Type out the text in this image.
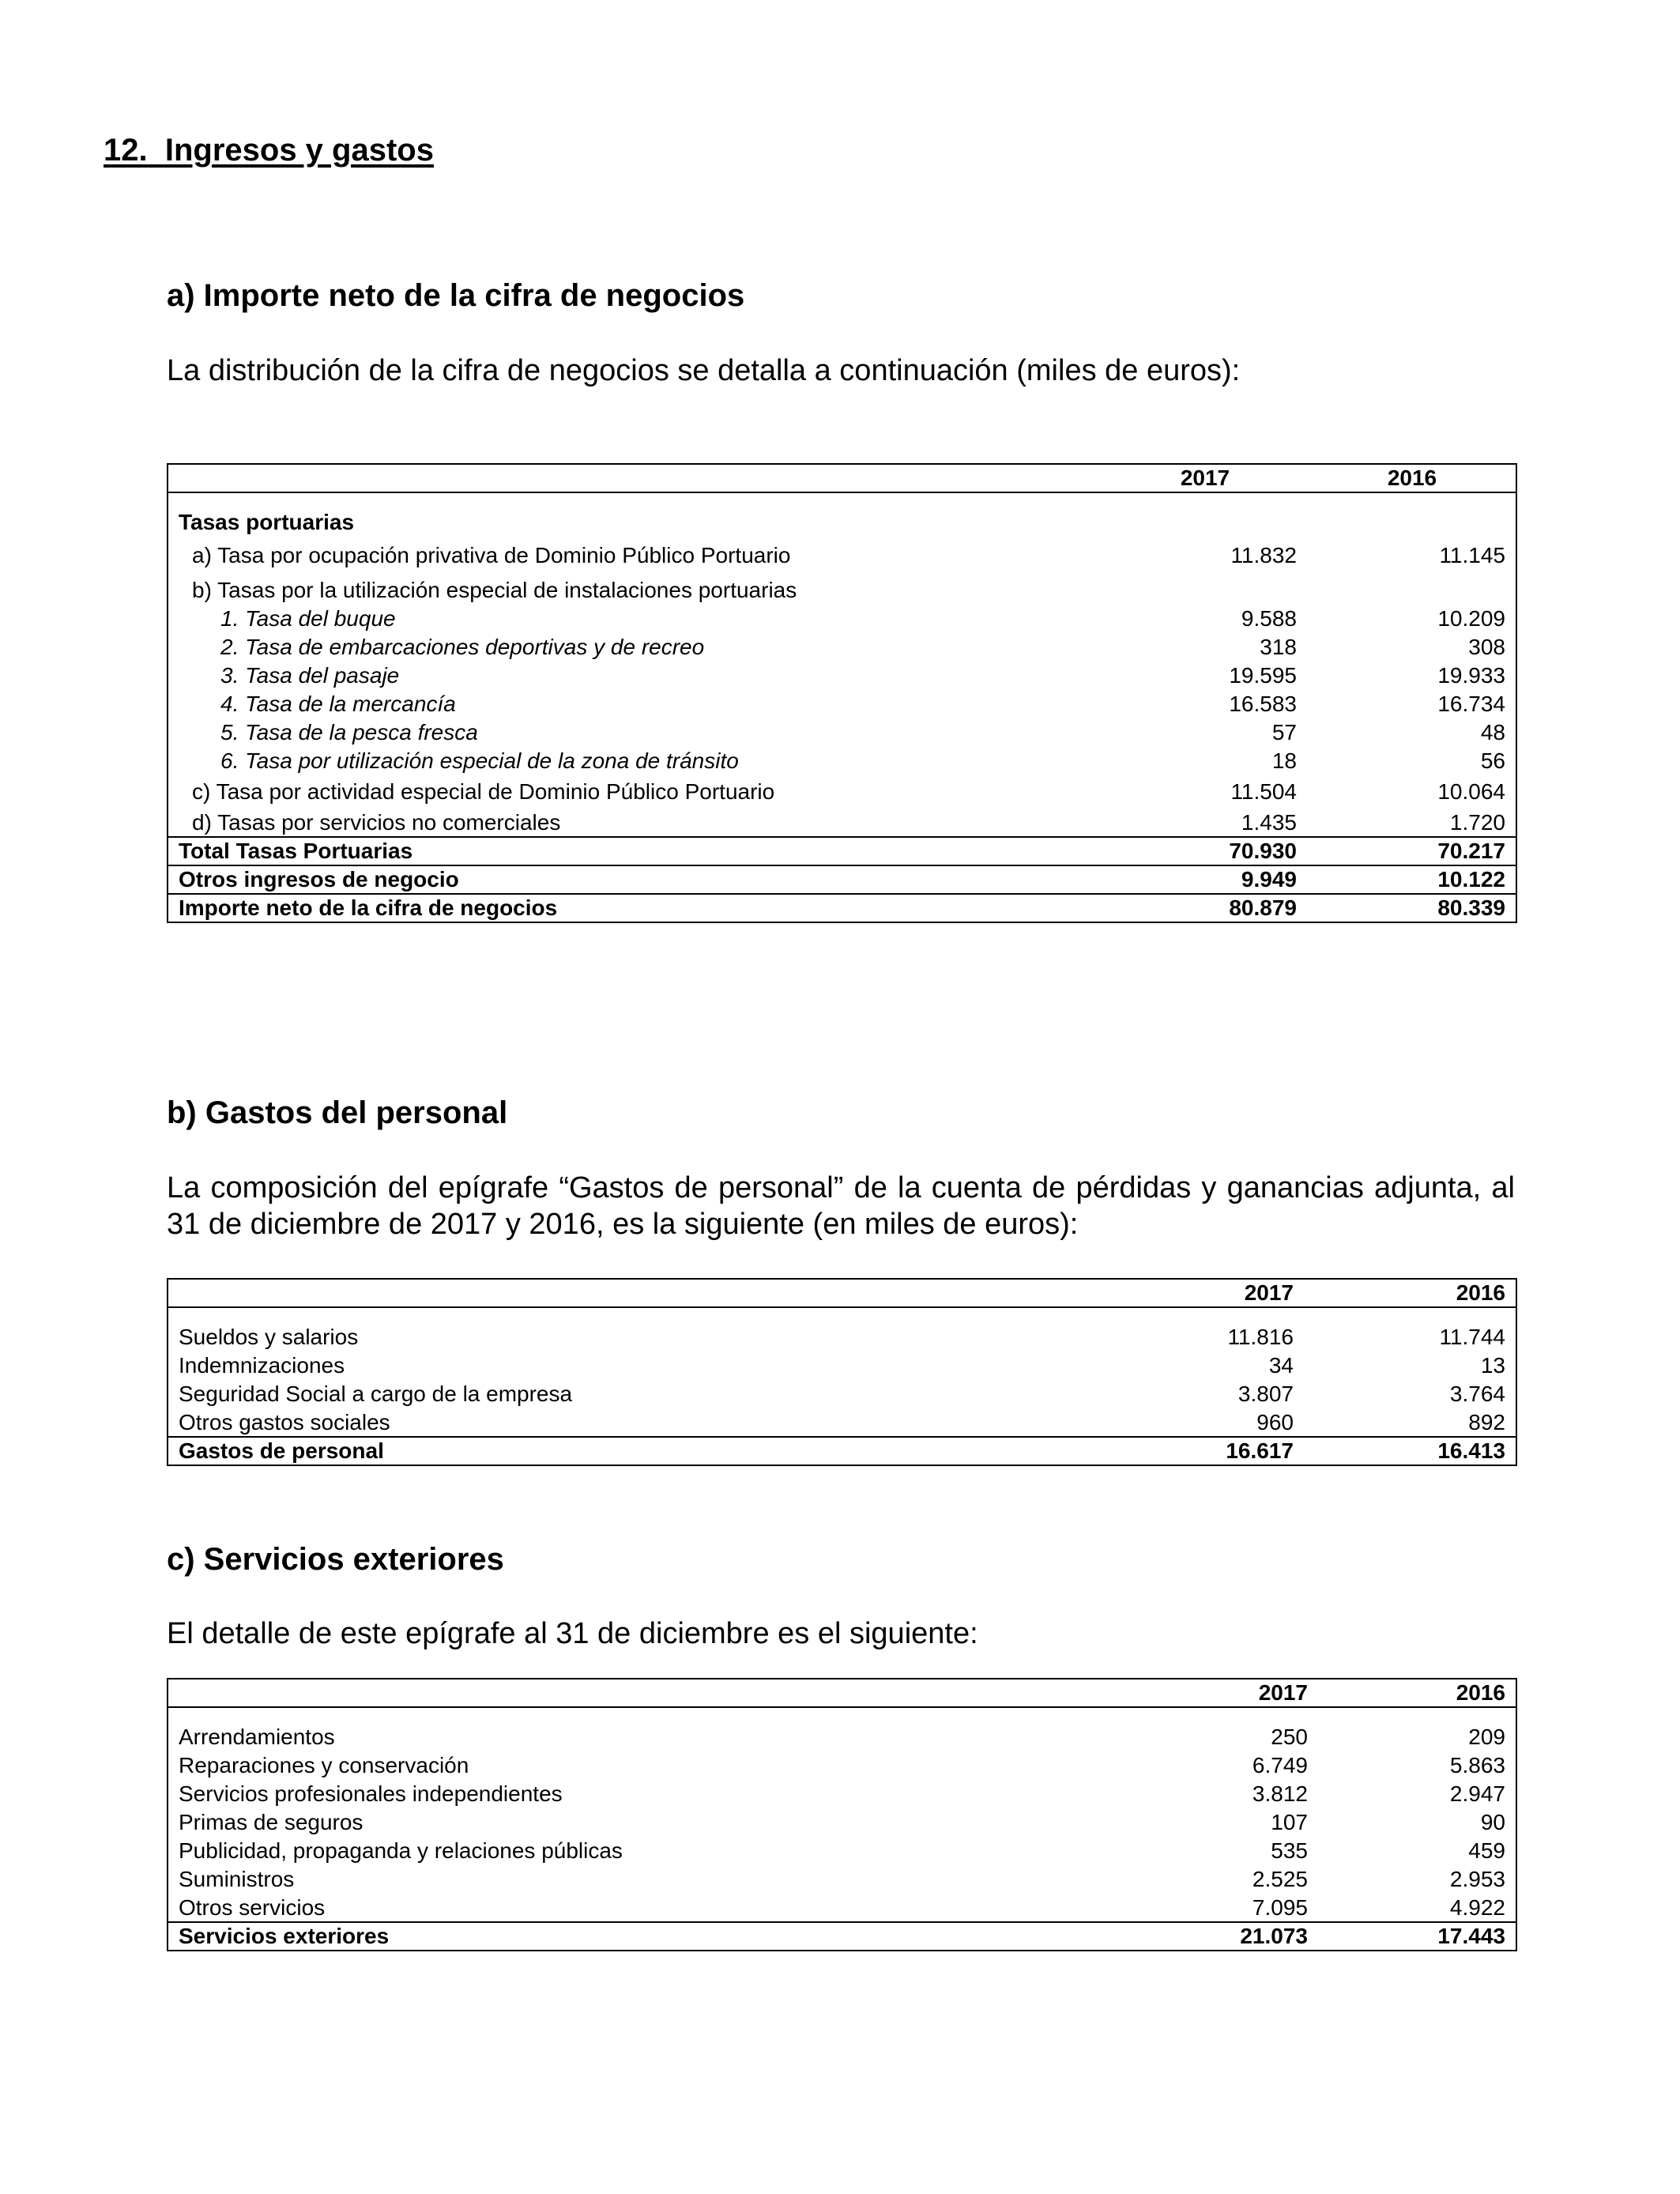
12. Ingresos y gastos
a) Importe neto de la cifra de negocios
La distribución de la cifra de negocios se detalla a continuación (miles de euros):
	2017	2016

Tasas portuarias		
a) Tasa por ocupación privativa de Dominio Público Portuario	11.832	11.145
b) Tasas por la utilización especial de instalaciones portuarias		
1. Tasa del buque	9.588	10.209
2. Tasa de embarcaciones deportivas y de recreo	318	308
3. Tasa del pasaje	19.595	19.933
4. Tasa de la mercancía	16.583	16.734
5. Tasa de la pesca fresca	57	48
6. Tasa por utilización especial de la zona de tránsito	18	56
c) Tasa por actividad especial de Dominio Público Portuario	11.504	10.064
d) Tasas por servicios no comerciales	1.435	1.720
Total Tasas Portuarias	70.930	70.217
Otros ingresos de negocio	9.949	10.122
Importe neto de la cifra de negocios	80.879	80.339
b) Gastos del personal
La composición del epígrafe “Gastos de personal” de la cuenta de pérdidas y ganancias adjunta, al 31 de diciembre de 2017 y 2016, es la siguiente (en miles de euros):
	2017	2016

Sueldos y salarios	11.816	11.744
Indemnizaciones	34	13
Seguridad Social a cargo de la empresa	3.807	3.764
Otros gastos sociales	960	892
Gastos de personal	16.617	16.413
c) Servicios exteriores
El detalle de este epígrafe al 31 de diciembre es el siguiente:
	2017	2016

Arrendamientos	250	209
Reparaciones y conservación	6.749	5.863
Servicios profesionales independientes	3.812	2.947
Primas de seguros	107	90
Publicidad, propaganda y relaciones públicas	535	459
Suministros	2.525	2.953
Otros servicios	7.095	4.922
Servicios exteriores	21.073	17.443
